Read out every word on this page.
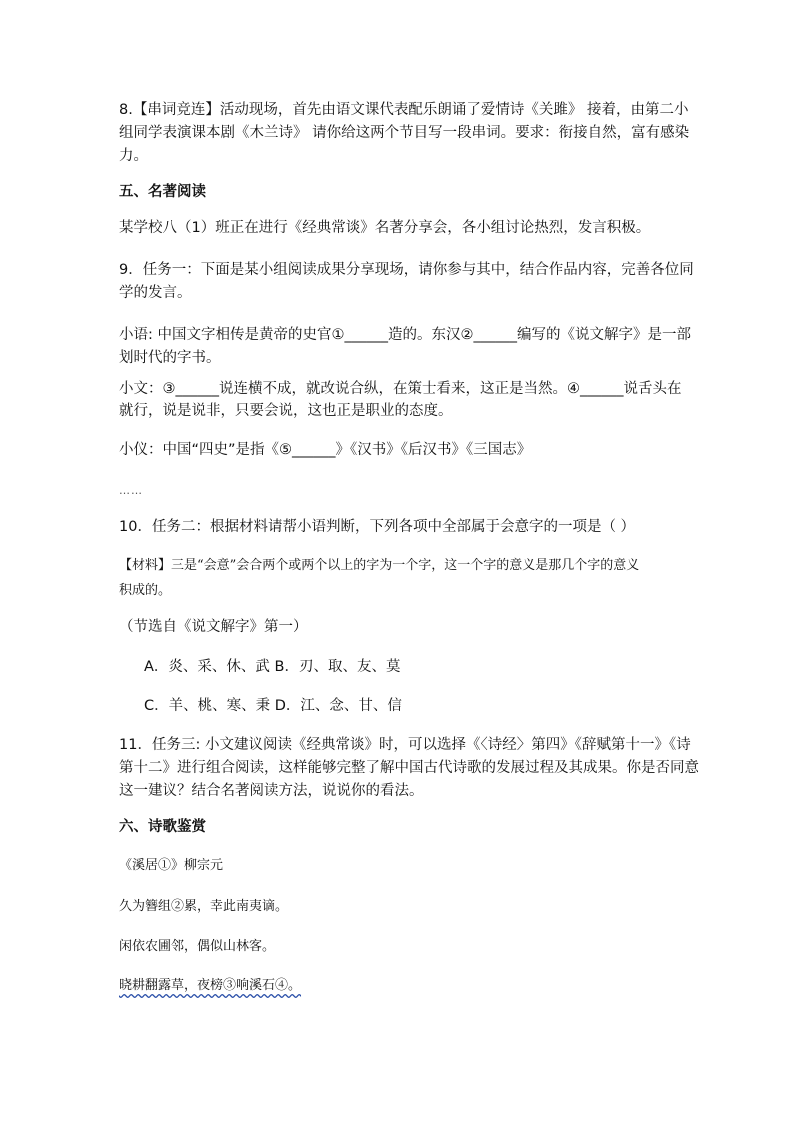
8.【串词竞连】活动现场，首先由语文课代表配乐朗诵了爱情诗《关雎》 接着，由第二小
组同学表演课本剧《木兰诗》 请你给这两个节目写一段串词。要求：衔接自然，富有感染
力。
五、名著阅读
某学校八（1）班正在进行《经典常谈》名著分享会，各小组讨论热烈，发言积极。
9．任务一：下面是某小组阅读成果分享现场，请你参与其中，结合作品内容，完善各位同
学的发言。
小语: 中国文字相传是黄帝的史官①______造的。东汉②______编写的《说文解字》是一部
划时代的字书。
小文：③______说连横不成，就改说合纵，在策士看来，这正是当然。④______说舌头在
就行，说是说非，只要会说，这也正是职业的态度。
小仪：中国“四史”是指《⑤______》《汉书》《后汉书》《三国志》
……
10．任务二：根据材料请帮小语判断，下列各项中全部属于会意字的一项是（ ）
【材料】三是“会意”会合两个或两个以上的字为一个字，这一个字的意义是那几个字的意义
积成的。
（节选自《说文解字》第一）
A．炎、采、休、武 B．刃、取、友、莫
C．羊、桃、寒、秉 D．江、念、甘、信
11．任务三: 小文建议阅读《经典常谈》时，可以选择《〈诗经〉第四》《辞赋第十一》《诗
第十二》进行组合阅读，这样能够完整了解中国古代诗歌的发展过程及其成果。你是否同意
这一建议？结合名著阅读方法，说说你的看法。
六、诗歌鉴赏
《溪居①》柳宗元
久为簪组②累，幸此南夷谪。
闲依农圃邻，偶似山林客。
晓耕翻露草，夜榜③响溪石④。
